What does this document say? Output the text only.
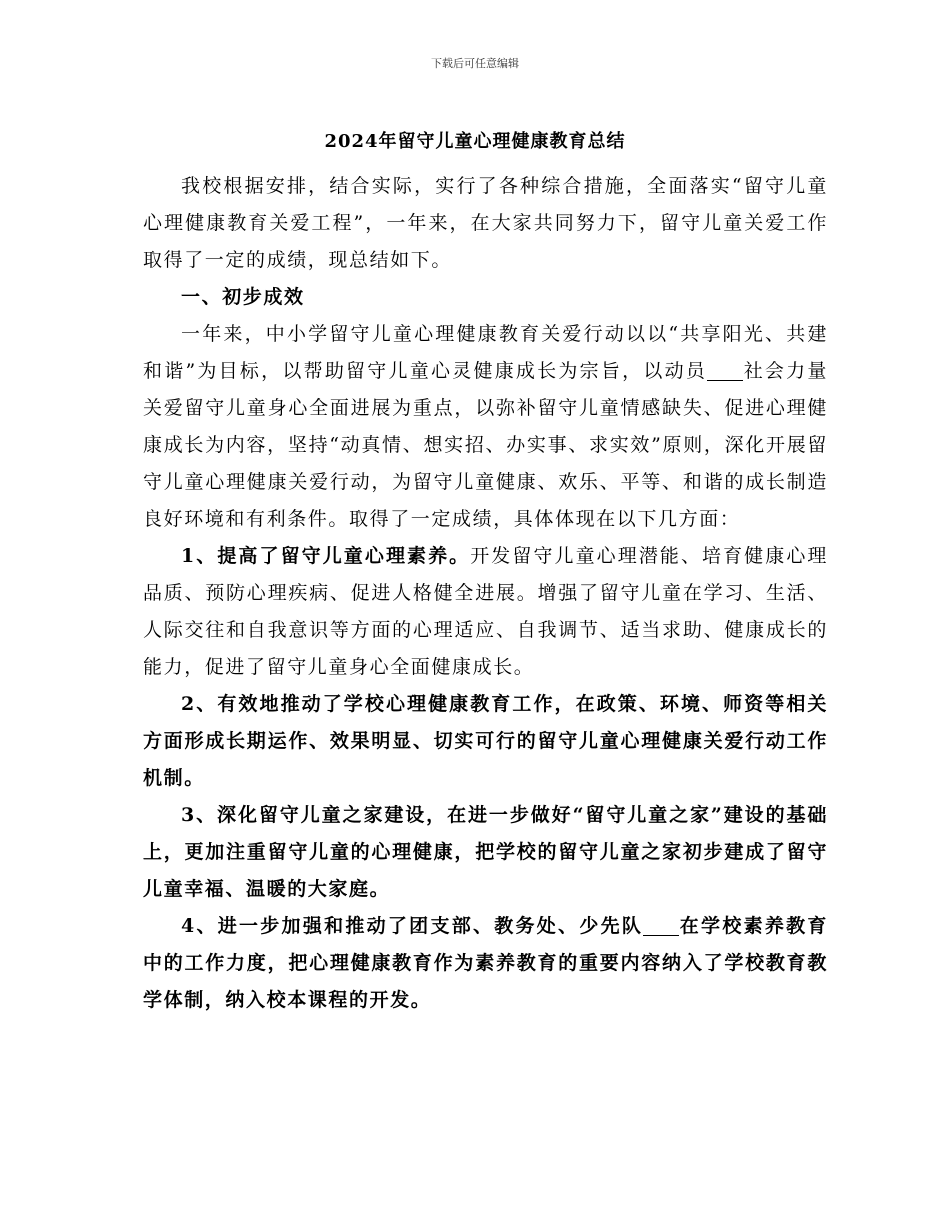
下载后可任意编辑
2024年留守儿童心理健康教育总结

我校根据安排，结合实际，实行了各种综合措施，全面落实“留守儿童心理健康教育关爱工程”，一年来，在大家共同努力下，留守儿童关爱工作取得了一定的成绩，现总结如下。

一、初步成效

一年来，中小学留守儿童心理健康教育关爱行动以以“共享阳光、共建和谐”为目标，以帮助留守儿童心灵健康成长为宗旨，以动员 社会力量关爱留守儿童身心全面进展为重点，以弥补留守儿童情感缺失、促进心理健康成长为内容，坚持“动真情、想实招、办实事、求实效”原则，深化开展留守儿童心理健康关爱行动，为留守儿童健康、欢乐、平等、和谐的成长制造良好环境和有利条件。取得了一定成绩，具体体现在以下几方面：

1、提高了留守儿童心理素养。开发留守儿童心理潜能、培育健康心理品质、预防心理疾病、促进人格健全进展。增强了留守儿童在学习、生活、人际交往和自我意识等方面的心理适应、自我调节、适当求助、健康成长的能力，促进了留守儿童身心全面健康成长。

2、有效地推动了学校心理健康教育工作，在政策、环境、师资等相关方面形成长期运作、效果明显、切实可行的留守儿童心理健康关爱行动工作机制。

3、深化留守儿童之家建设，在进一步做好“留守儿童之家”建设的基础上，更加注重留守儿童的心理健康，把学校的留守儿童之家初步建成了留守儿童幸福、温暖的大家庭。

4、进一步加强和推动了团支部、教务处、少先队 在学校素养教育中的工作力度，把心理健康教育作为素养教育的重要内容纳入了学校教育教学体制，纳入校本课程的开发。
